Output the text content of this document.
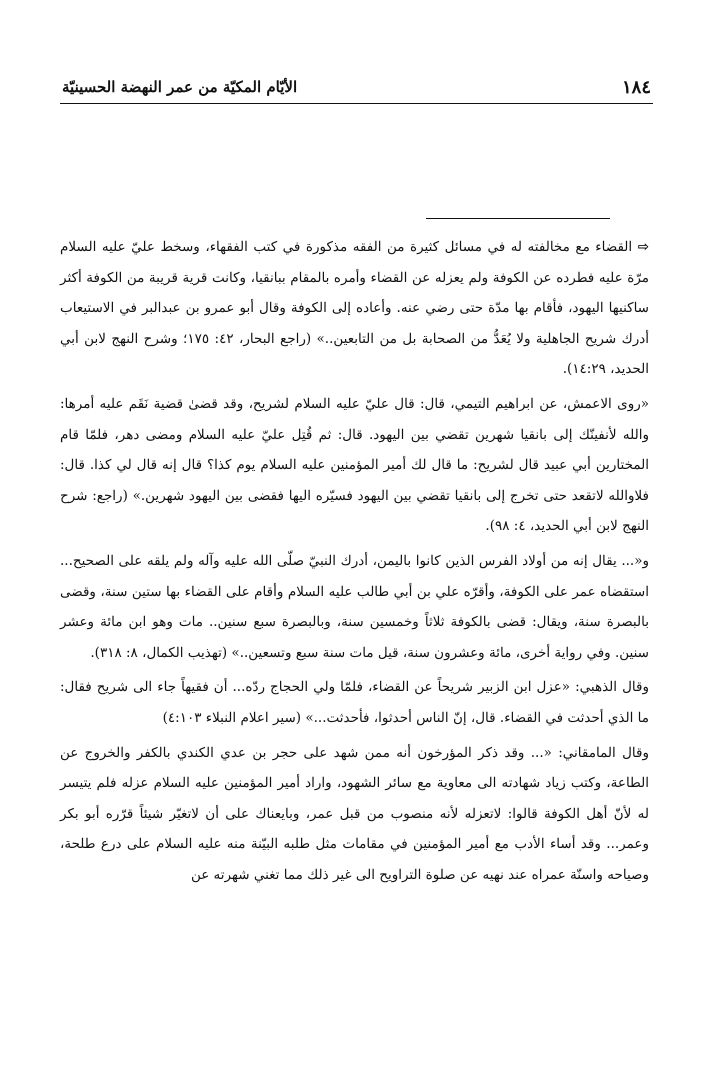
١٨٤
الأيّام المكيّة من عمر النهضة الحسينيّة

⇨ القضاء مع مخالفته له في مسائل كثيرة من الفقه مذكورة في كتب الفقهاء، وسخط عليّ عليه السلام مرّة عليه فطرده عن الكوفة ولم يعزله عن القضاء وأمره بالمقام ببانقيا، وكانت قرية قريبة من الكوفة أكثر ساكنيها اليهود، فأقام بها مدّة حتى رضي عنه. وأعاده إلى الكوفة وقال أبو عمرو بن عبدالبر في الاستيعاب أدرك شريح الجاهلية ولا يُعَدُّ من الصحابة بل من التابعين..» (راجع البحار، ٤٢: ١٧٥؛ وشرح النهج لابن أبي الحديد، ١٤:٢٩).

«روى الاعمش، عن ابراهيم التيمي، قال: قال عليّ عليه السلام لشريح، وقد قضىٰ قضية نَقَم عليه أمرها: والله لأنفينّك إلى بانقيا شهرين تقضي بين اليهود. قال: ثم قُتِل عليّ عليه السلام ومضى دهر، فلمّا قام المختارين أبي عبيد قال لشريح: ما قال لك أمير المؤمنين عليه السلام يوم كذا؟ قال إنه قال لي كذا. قال: فلاوالله لاتقعد حتى تخرج إلى بانقيا تقضي بين اليهود فسيّره اليها فقضى بين اليهود شهرين.» (راجع: شرح النهج لابن أبي الحديد، ٤: ٩٨).

و«... يقال إنه من أولاد الفرس الذين كانوا باليمن، أدرك النبيّ صلّى الله عليه وآله ولم يلقه على الصحيح... استقضاه عمر على الكوفة، وأقرّه علي بن أبي طالب عليه السلام وأقام على القضاء بها ستين سنة، وقضى بالبصرة سنة، ويقال: قضى بالكوفة ثلاثاً وخمسين سنة، وبالبصرة سبع سنين.. مات وهو ابن مائة وعشر سنين. وفي رواية أخرى، مائة وعشرون سنة، قيل مات سنة سبع وتسعين..» (تهذيب الكمال، ٨: ٣١٨).

وقال الذهبي: «عزل ابن الزبير شريحاً عن القضاء، فلمّا ولي الحجاج ردّه... أن فقيهاً جاء الى شريح فقال: ما الذي أحدثت في القضاء. قال، إنّ الناس أحدثوا، فأحدثت...» (سير اعلام النبلاء ٤:١٠٣)

وقال المامقاني: «... وقد ذكر المؤرخون أنه ممن شهد على حجر بن عدي الكندي بالكفر والخروج عن الطاعة، وكتب زياد شهادته الى معاوية مع سائر الشهود، واراد أمير المؤمنين عليه السلام عزله فلم يتيسر له لأنّ أهل الكوفة قالوا: لاتعزله لأنه منصوب من قبل عمر، وبايعناك على أن لاتغيّر شيئاً قرّره أبو بكر وعمر... وقد أساء الأدب مع أمير المؤمنين في مقامات مثل طلبه البيّنة منه عليه السلام على درع طلحة، وصياحه واسنّة عمراه عند نهيه عن صلوة التراويح الى غير ذلك مما تغني شهرته عن
